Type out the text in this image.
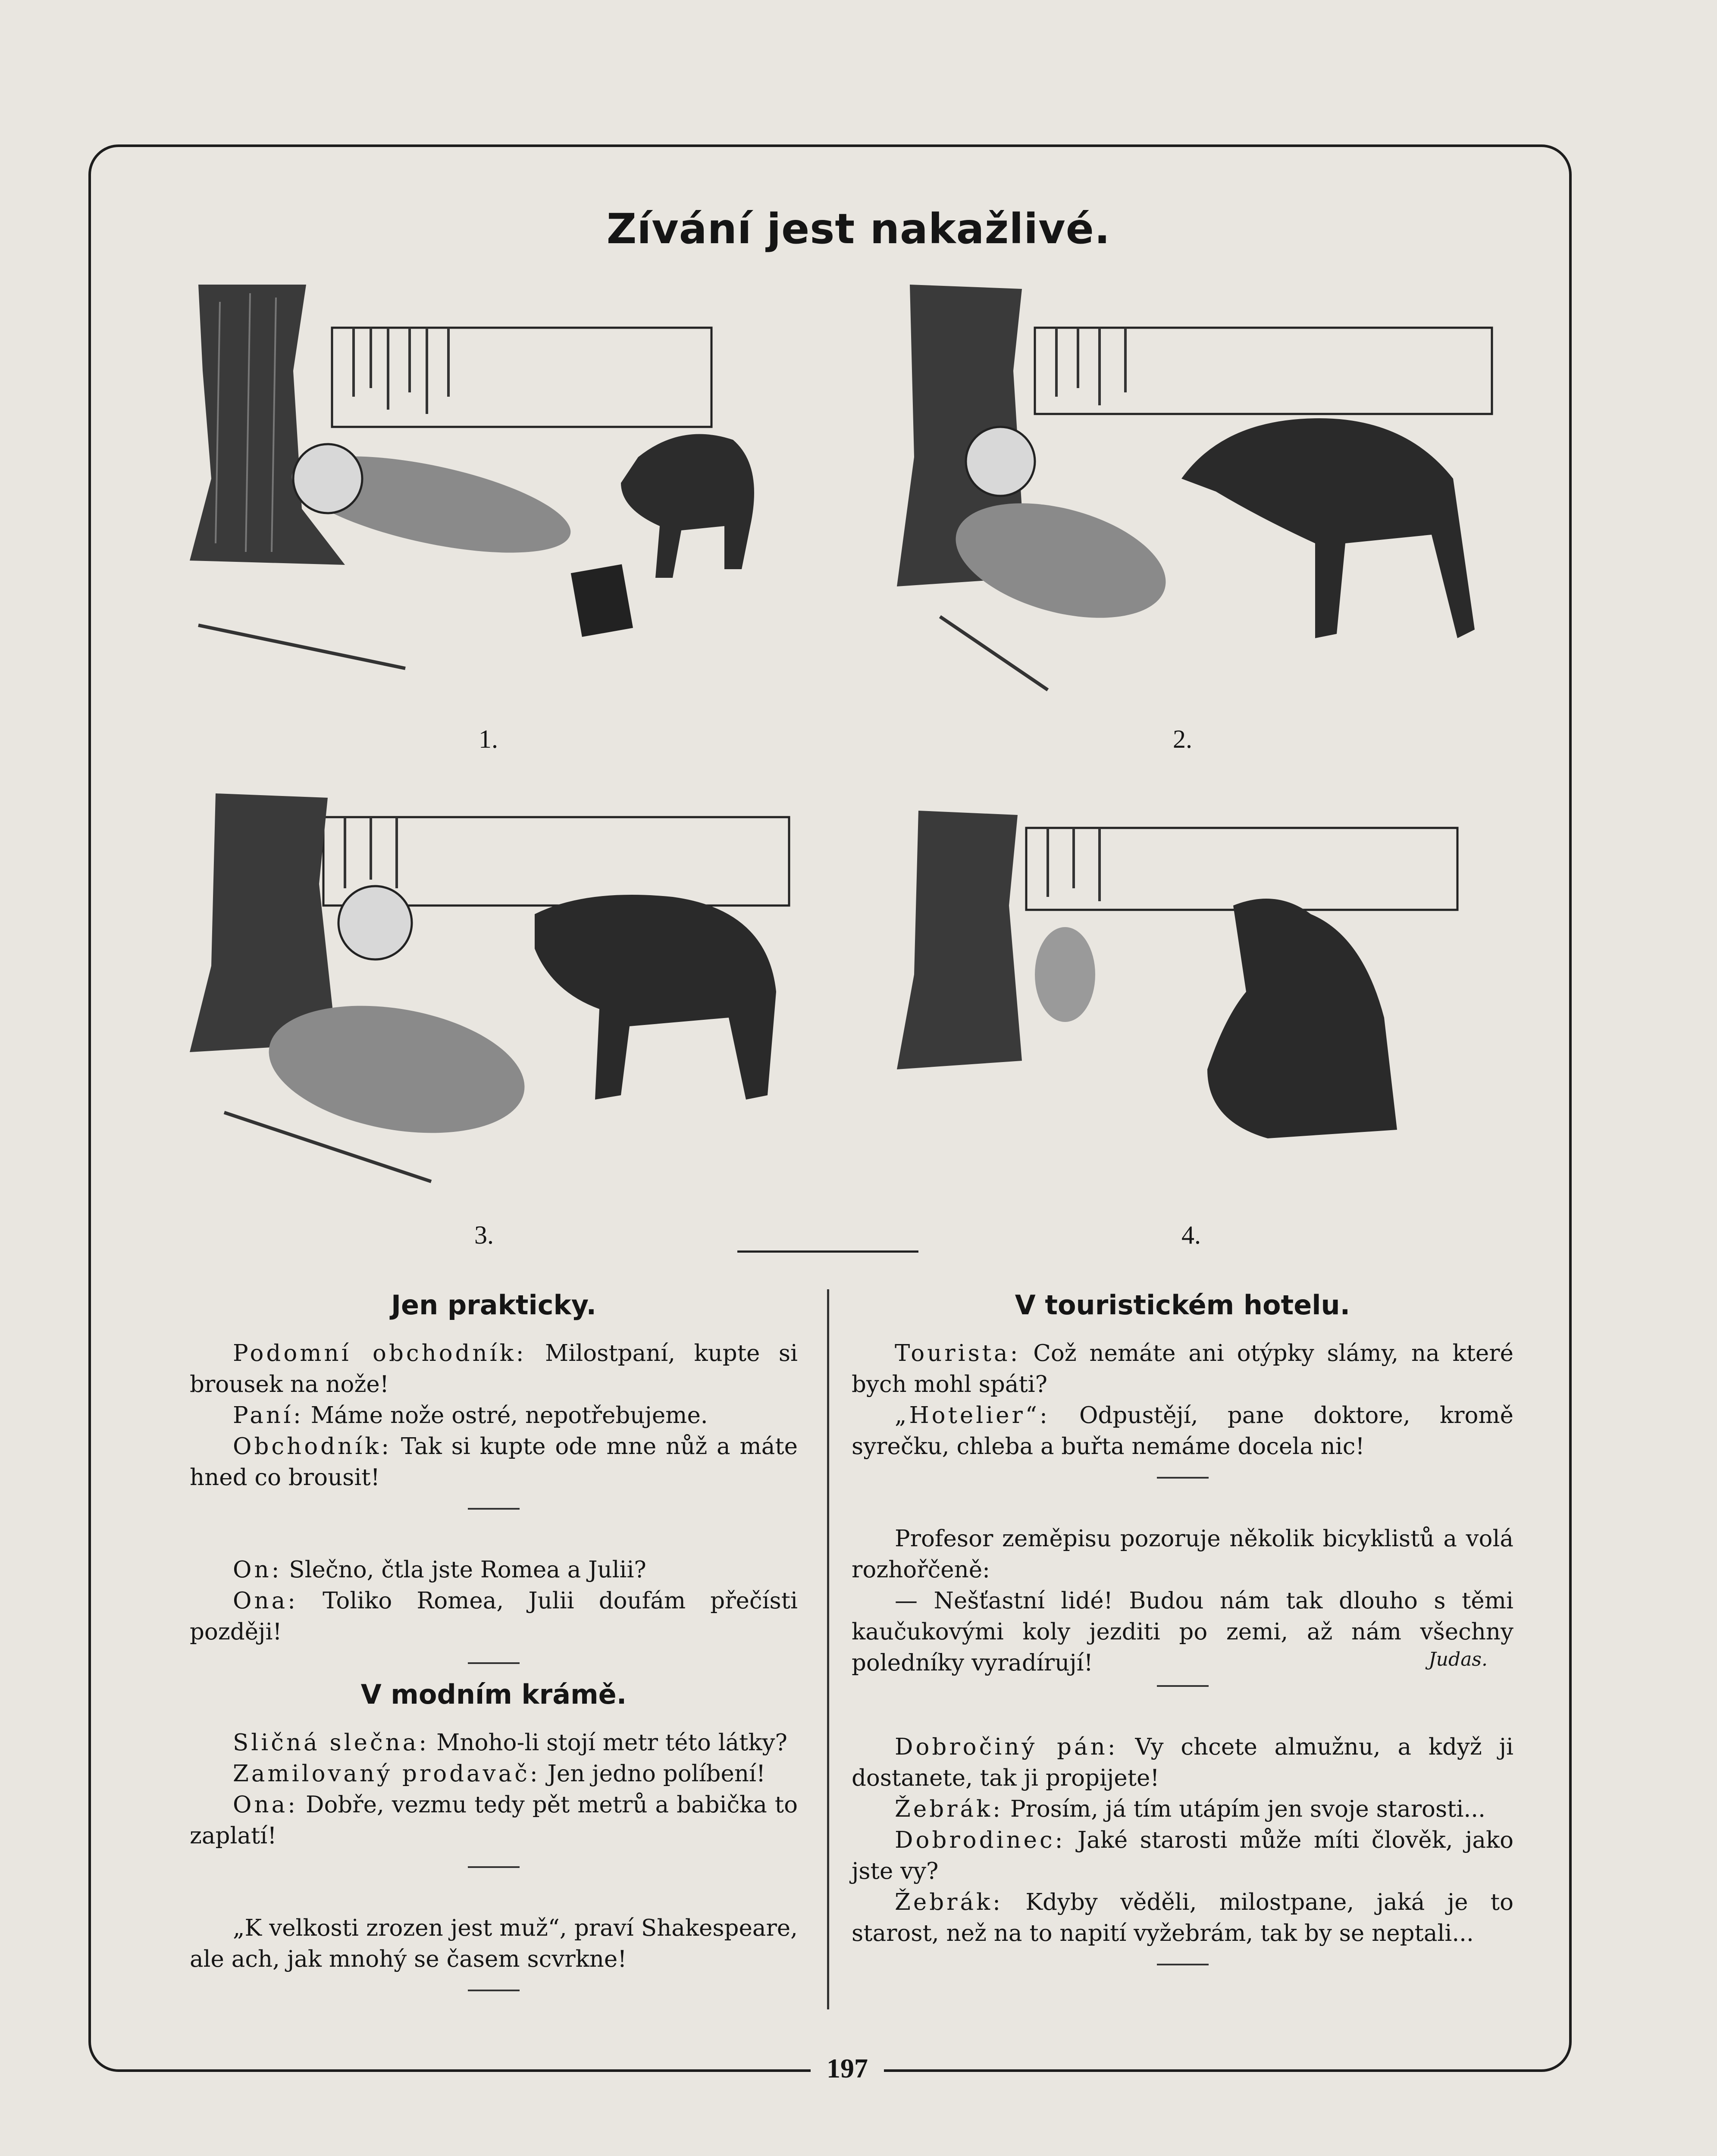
Zívání jest nakažlivé.
1.	2.
3.	4.
Jen prakticky.

Podomní obchodník: Milostpaní, kupte si brousek na nože!

Paní: Máme nože ostré, nepotřebujeme.

Obchodník: Tak si kupte ode mne nůž a máte hned co brousit!

On: Slečno, čtla jste Romea a Julii?

Ona: Toliko Romea, Julii doufám přečísti později!

V modním krámě.

Sličná slečna: Mnoho-li stojí metr této látky?

Zamilovaný prodavač: Jen jedno políbení!

Ona: Dobře, vezmu tedy pět metrů a babička to zaplatí!

„K velkosti zrozen jest muž“, praví Shakespeare, ale ach, jak mnohý se časem scvrkne!

V touristickém hotelu.

Tourista: Což nemáte ani otýpky slámy, na které bych mohl spáti?

„Hotelier“: Odpustějí, pane doktore, kromě syrečku, chleba a buřta nemáme docela nic!

Profesor zeměpisu pozoruje několik bicyklistů a volá rozhořčeně:

— Nešťastní lidé! Budou nám tak dlouho s těmi kaučukovými koly jezditi po zemi, až nám všechny poledníky vyradírují!	Judas.

Dobročiný pán: Vy chcete almužnu, a když ji dostanete, tak ji propijete!

Žebrák: Prosím, já tím utápím jen svoje starosti...

Dobrodinec: Jaké starosti může míti člověk, jako jste vy?

Žebrák: Kdyby věděli, milostpane, jaká je to starost, než na to napití vyžebrám, tak by se neptali...

197
